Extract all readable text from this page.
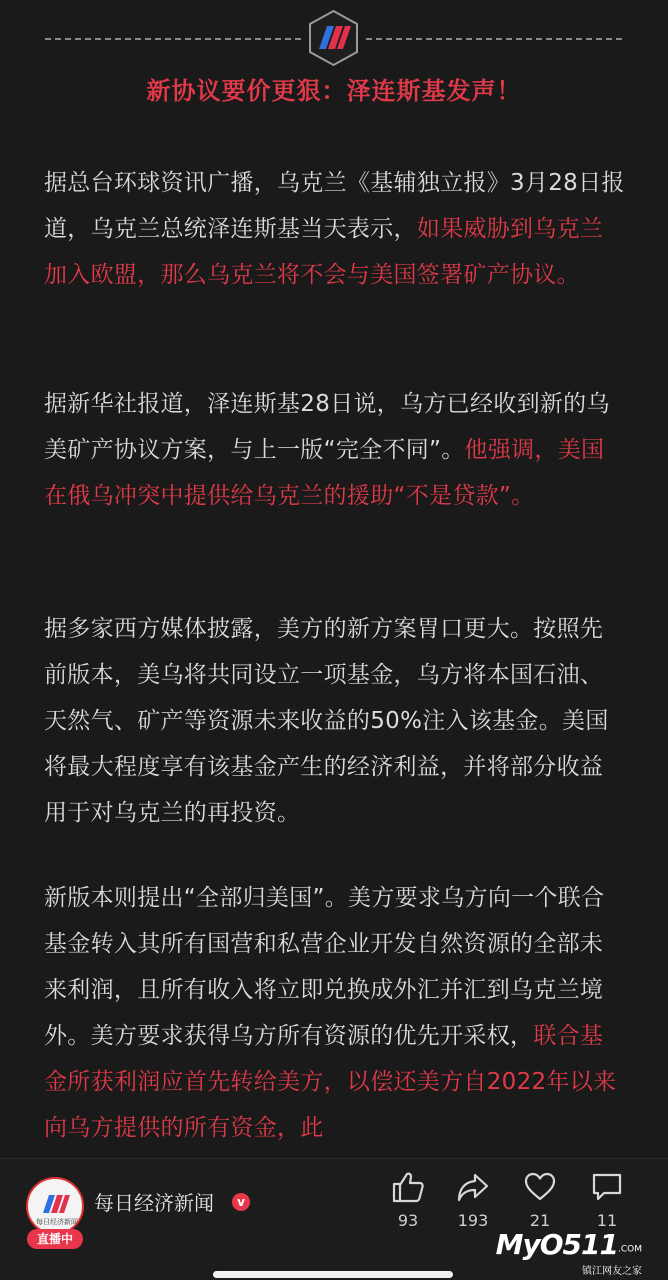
新协议要价更狠：泽连斯基发声！

据总台环球资讯广播，乌克兰《基辅独立报》3月28日报道，乌克兰总统泽连斯基当天表示，如果威胁到乌克兰加入欧盟，那么乌克兰将不会与美国签署矿产协议。

据新华社报道，泽连斯基28日说，乌方已经收到新的乌美矿产协议方案，与上一版“完全不同”。他强调，美国在俄乌冲突中提供给乌克兰的援助“不是贷款”。

据多家西方媒体披露，美方的新方案胃口更大。按照先前版本，美乌将共同设立一项基金，乌方将本国石油、天然气、矿产等资源未来收益的50%注入该基金。美国将最大程度享有该基金产生的经济利益，并将部分收益用于对乌克兰的再投资。

新版本则提出“全部归美国”。美方要求乌方向一个联合基金转入其所有国营和私营企业开发自然资源的全部未来利润，且所有收入将立即兑换成外汇并汇到乌克兰境外。美方要求获得乌方所有资源的优先开采权，联合基金所获利润应首先转给美方，以偿还美方自2022年以来向乌方提供的所有资金，此

每日经济新闻
直播中
每日经济新闻	v
93	193	21	11
MyO511.COM
镇江网友之家
